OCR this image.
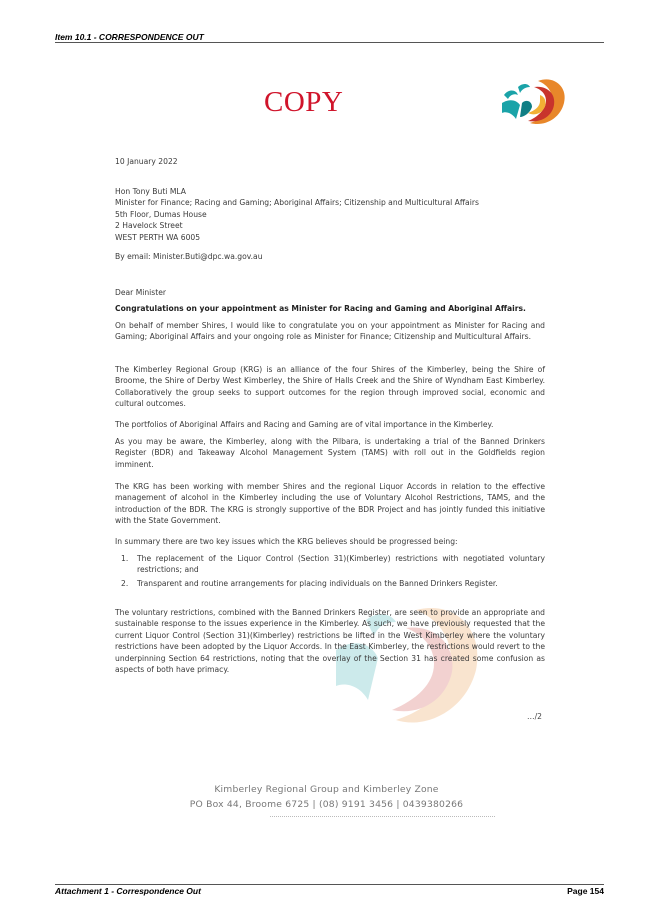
Item 10.1 - CORRESPONDENCE OUT
COPY
10 January 2022
Hon Tony Buti MLA
Minister for Finance; Racing and Gaming; Aboriginal Affairs; Citizenship and Multicultural Affairs
5th Floor, Dumas House
2 Havelock Street
WEST PERTH WA 6005
By email: Minister.Buti@dpc.wa.gov.au
Dear Minister
Congratulations on your appointment as Minister for Racing and Gaming and Aboriginal Affairs.

On behalf of member Shires, I would like to congratulate you on your appointment as Minister for Racing and Gaming; Aboriginal Affairs and your ongoing role as Minister for Finance; Citizenship and Multicultural Affairs.

The Kimberley Regional Group (KRG) is an alliance of the four Shires of the Kimberley, being the Shire of Broome, the Shire of Derby West Kimberley, the Shire of Halls Creek and the Shire of Wyndham East Kimberley. Collaboratively the group seeks to support outcomes for the region through improved social, economic and cultural outcomes.

The portfolios of Aboriginal Affairs and Racing and Gaming are of vital importance in the Kimberley.

As you may be aware, the Kimberley, along with the Pilbara, is undertaking a trial of the Banned Drinkers Register (BDR) and Takeaway Alcohol Management System (TAMS) with roll out in the Goldfields region imminent.

The KRG has been working with member Shires and the regional Liquor Accords in relation to the effective management of alcohol in the Kimberley including the use of Voluntary Alcohol Restrictions, TAMS, and the introduction of the BDR. The KRG is strongly supportive of the BDR Project and has jointly funded this initiative with the State Government.

In summary there are two key issues which the KRG believes should be progressed being:

1. The replacement of the Liquor Control (Section 31)(Kimberley) restrictions with negotiated voluntary restrictions; and
2. Transparent and routine arrangements for placing individuals on the Banned Drinkers Register.

The voluntary restrictions, combined with the Banned Drinkers Register, are seen to provide an appropriate and sustainable response to the issues experience in the Kimberley. As such, we have previously requested that the current Liquor Control (Section 31)(Kimberley) restrictions be lifted in the West Kimberley where the voluntary restrictions have been adopted by the Liquor Accords. In the East Kimberley, the restrictions would revert to the underpinning Section 64 restrictions, noting that the overlay of the Section 31 has created some confusion as aspects of both have primacy.

…/2
Kimberley Regional Group and Kimberley Zone
PO Box 44, Broome 6725 | (08) 9191 3456 | 0439380266
Attachment 1 - Correspondence Out	Page 154
